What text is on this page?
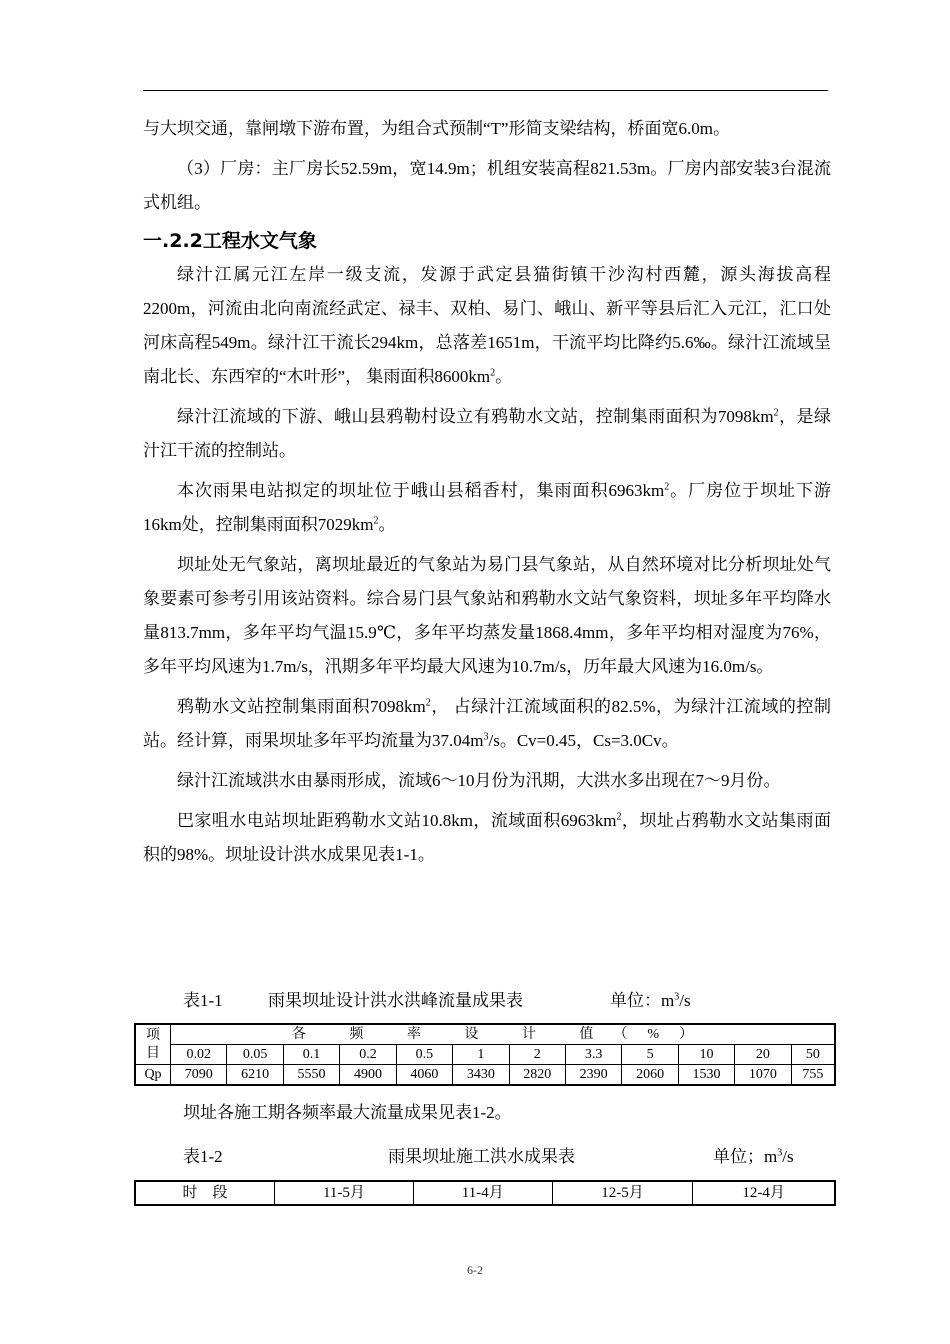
与大坝交通，靠闸墩下游布置，为组合式预制“T”形简支梁结构，桥面宽6.0m。

（3）厂房：主厂房长52.59m，宽14.9m；机组安装高程821.53m。厂房内部安装3台混流式机组。

一.2.2工程水文气象

绿汁江属元江左岸一级支流，发源于武定县猫街镇干沙沟村西麓，源头海拔高程2200m，河流由北向南流经武定、禄丰、双柏、易门、峨山、新平等县后汇入元江，汇口处河床高程549m。绿汁江干流长294km，总落差1651m，干流平均比降约5.6‰。绿汁江流域呈南北长、东西窄的“木叶形”， 集雨面积$8600km^2$。

绿汁江流域的下游、峨山县鸦勒村设立有鸦勒水文站，控制集雨面积为$7098km^2$，是绿汁江干流的控制站。

本次雨果电站拟定的坝址位于峨山县稻香村，集雨面积$6963km^2$。厂房位于坝址下游16km处，控制集雨面积$7029km^2$。

坝址处无气象站，离坝址最近的气象站为易门县气象站，从自然环境对比分析坝址处气象要素可参考引用该站资料。综合易门县气象站和鸦勒水文站气象资料，坝址多年平均降水量813.7mm，多年平均气温15.9℃，多年平均蒸发量1868.4mm，多年平均相对湿度为76%，多年平均风速为1.7m/s，汛期多年平均最大风速为10.7m/s，历年最大风速为16.0m/s。

鸦勒水文站控制集雨面积$7098km^2$， 占绿汁江流域面积的82.5%，为绿汁江流域的控制站。经计算，雨果坝址多年平均流量为$37.04m^3/s$。Cv=0.45，Cs=3.0Cv。

绿汁江流域洪水由暴雨形成，流域6～10月份为汛期，大洪水多出现在7～9月份。

巴家咀水电站坝址距鸦勒水文站10.8km，流域面积$6963km^2$，坝址占鸦勒水文站集雨面积的98%。坝址设计洪水成果见表1-1。

表1-1	雨果坝址设计洪水洪峰流量成果表	单位：$m^3/s$
项
目	各 频 率 设 计 值（%）											
	0.02	0.05	0.1	0.2	0.5	1	2	3.3	5	10	20	50
Qp	7090	6210	5550	4900	4060	3430	2820	2390	2060	1530	1070	755
坝址各施工期各频率最大流量成果见表1-2。
表1-2	雨果坝址施工洪水成果表	单位；$m^3/s$
时　段	11-5月	11-4月	12-5月	12-4月
6-2
